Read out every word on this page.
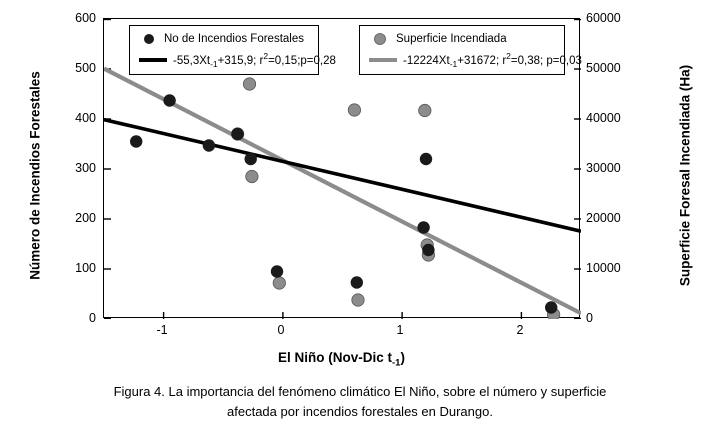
600
500
400
300
200
100
0
60000
50000
40000
30000
20000
10000
0
-1	0	1	2
No de Incendios Forestales
$-55,3Xt_{-1}+315,9$; $r^2=0,15;p=0,28$
Superficie Incendiada
$-12224Xt_{-1}+31672$; $r^2=0,38$; p=0,03
Número de Incendios Forestales	Superficie Foresal Incendiada (Ha)
El Niño (Nov-Dic $t_{-1}$)
Figura 4. La importancia del fenómeno climático El Niño, sobre el número y superficie
afectada por incendios forestales en Durango.
